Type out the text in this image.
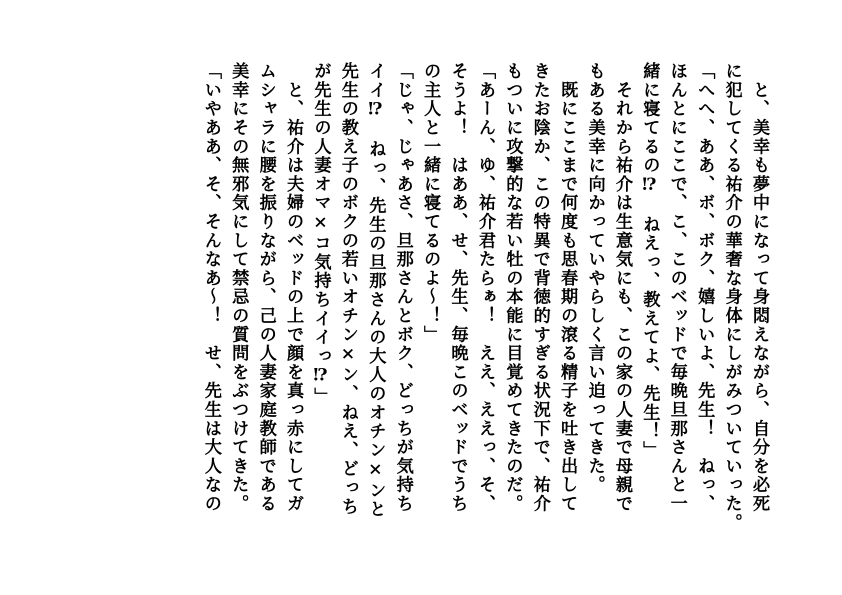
　と、美幸も夢中になって身悶えながら、自分を必死
に犯してくる祐介の華奢な身体にしがみついていった。
「へへ、ああ、ボ、ボク、嬉しいよ、先生！　ねっ、
ほんとにここで、こ、このベッドで毎晩旦那さんと一
緒に寝てるの⁉　ねえっ、教えてよ、先生！」
　それから祐介は生意気にも、この家の人妻で母親で
もある美幸に向かっていやらしく言い迫ってきた。
　既にここまで何度も思春期の滾る精子を吐き出して
きたお陰か、この特異で背徳的すぎる状況下で、祐介
もついに攻撃的な若い牡の本能に目覚めてきたのだ。
「あーん、ゆ、祐介君たらぁ！　ええ、ええっ、そ、
そうよ！　はああ、せ、先生、毎晩このベッドでうち
の主人と一緒に寝てるのよ～！」
「じゃ、じゃあさ、旦那さんとボク、どっちが気持ち
イイ⁉　ねっ、先生の旦那さんの大人のオチン×ンと
先生の教え子のボクの若いオチン×ン、ねえ、どっち
が先生の人妻オマ×コ気持ちイイっ⁉」
　と、祐介は夫婦のベッドの上で顔を真っ赤にしてガ
ムシャラに腰を振りながら、己の人妻家庭教師である
美幸にその無邪気にして禁忌の質問をぶつけてきた。
「いやああ、そ、そんなあ～！　せ、先生は大人なの
